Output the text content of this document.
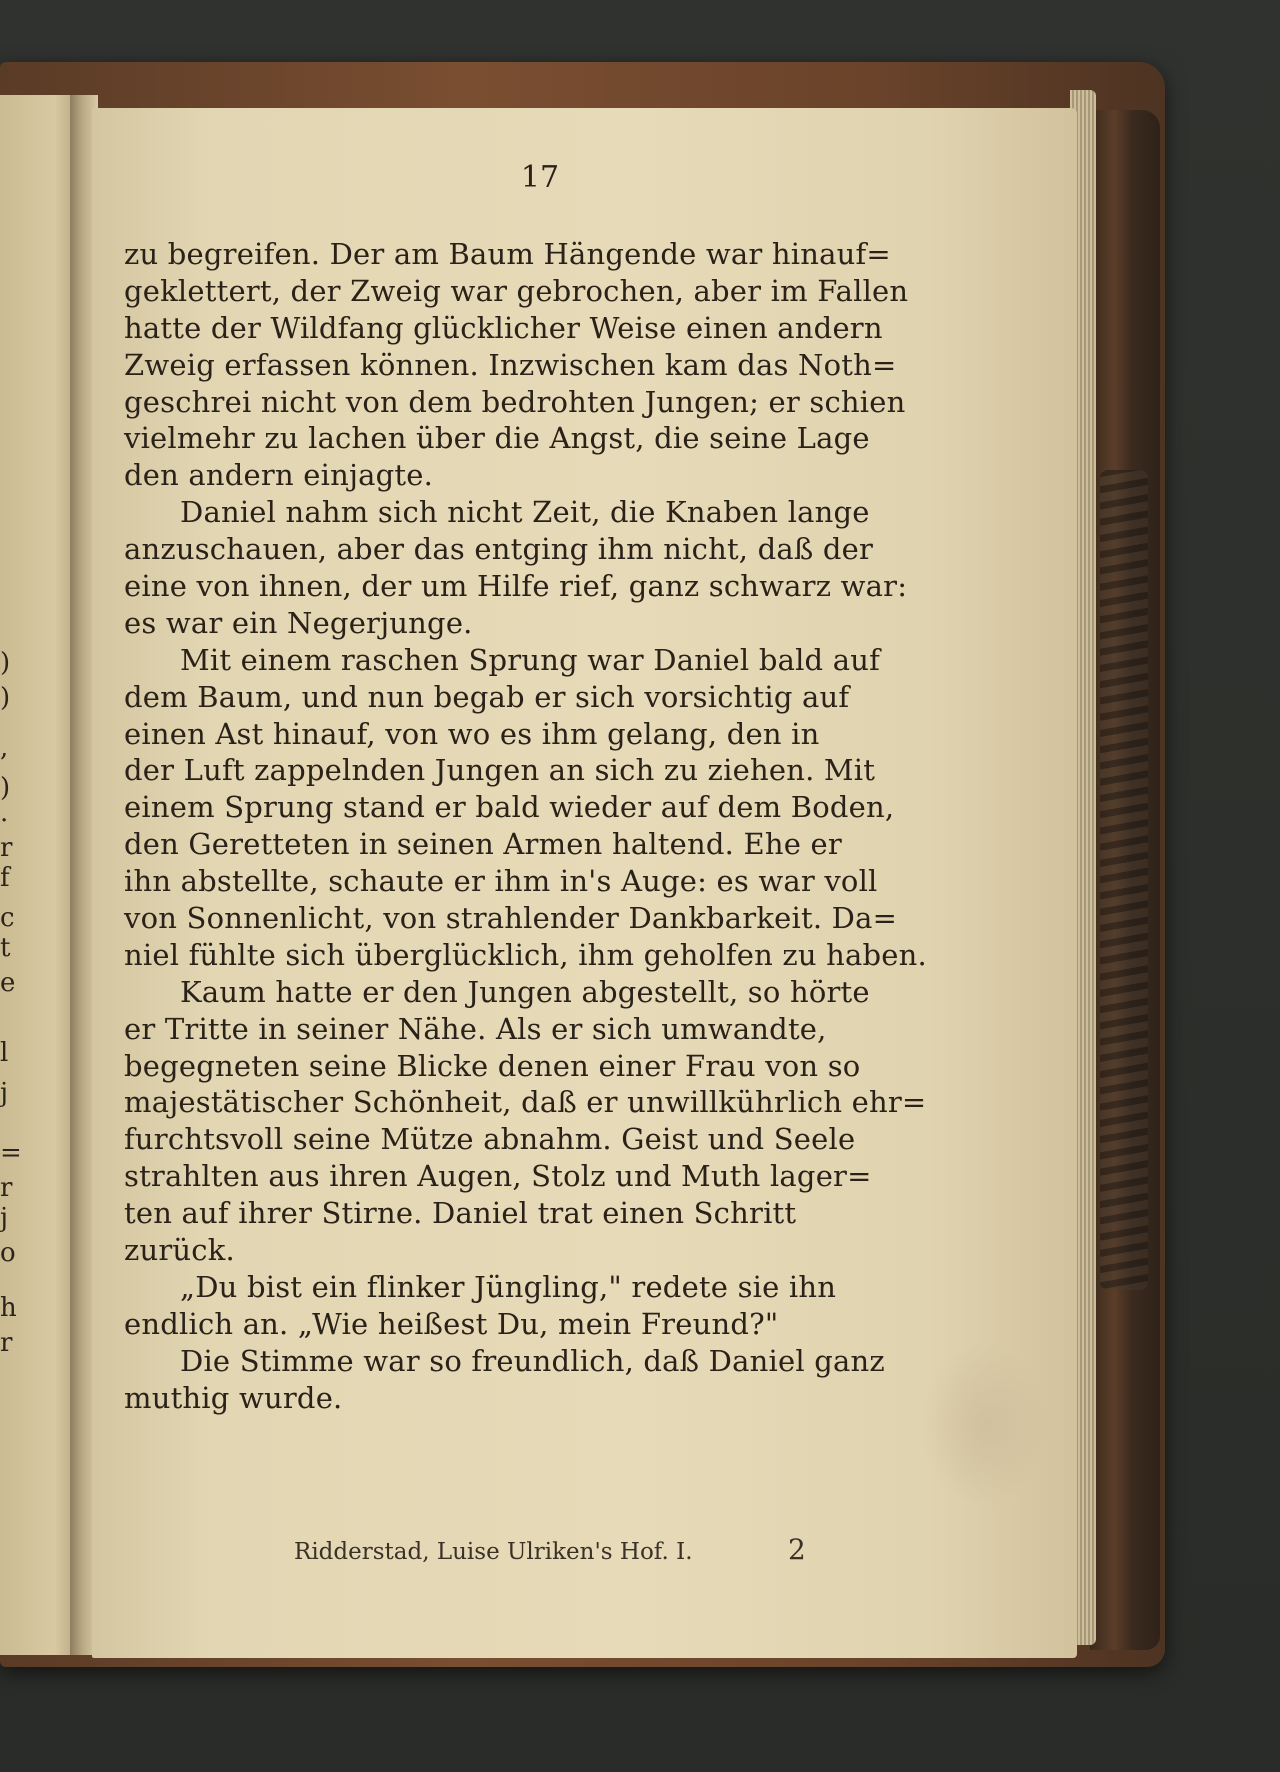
)
)
,
)
.
r
f
c
t
e
l
j
=
r
j
o
h
r
17
zu begreifen. Der am Baum Hängende war hinauf=
geklettert, der Zweig war gebrochen, aber im Fallen
hatte der Wildfang glücklicher Weise einen andern
Zweig erfassen können. Inzwischen kam das Noth=
geschrei nicht von dem bedrohten Jungen; er schien
vielmehr zu lachen über die Angst, die seine Lage
den andern einjagte.
Daniel nahm sich nicht Zeit, die Knaben lange
anzuschauen, aber das entging ihm nicht, daß der
eine von ihnen, der um Hilfe rief, ganz schwarz war:
es war ein Negerjunge.
Mit einem raschen Sprung war Daniel bald auf
dem Baum, und nun begab er sich vorsichtig auf
einen Ast hinauf, von wo es ihm gelang, den in
der Luft zappelnden Jungen an sich zu ziehen. Mit
einem Sprung stand er bald wieder auf dem Boden,
den Geretteten in seinen Armen haltend. Ehe er
ihn abstellte, schaute er ihm in's Auge: es war voll
von Sonnenlicht, von strahlender Dankbarkeit. Da=
niel fühlte sich überglücklich, ihm geholfen zu haben.
Kaum hatte er den Jungen abgestellt, so hörte
er Tritte in seiner Nähe. Als er sich umwandte,
begegneten seine Blicke denen einer Frau von so
majestätischer Schönheit, daß er unwillkührlich ehr=
furchtsvoll seine Mütze abnahm. Geist und Seele
strahlten aus ihren Augen, Stolz und Muth lager=
ten auf ihrer Stirne. Daniel trat einen Schritt
zurück.
„Du bist ein flinker Jüngling," redete sie ihn
endlich an. „Wie heißest Du, mein Freund?"
Die Stimme war so freundlich, daß Daniel ganz
muthig wurde.
Ridderstad, Luise Ulriken's Hof. I.	2
